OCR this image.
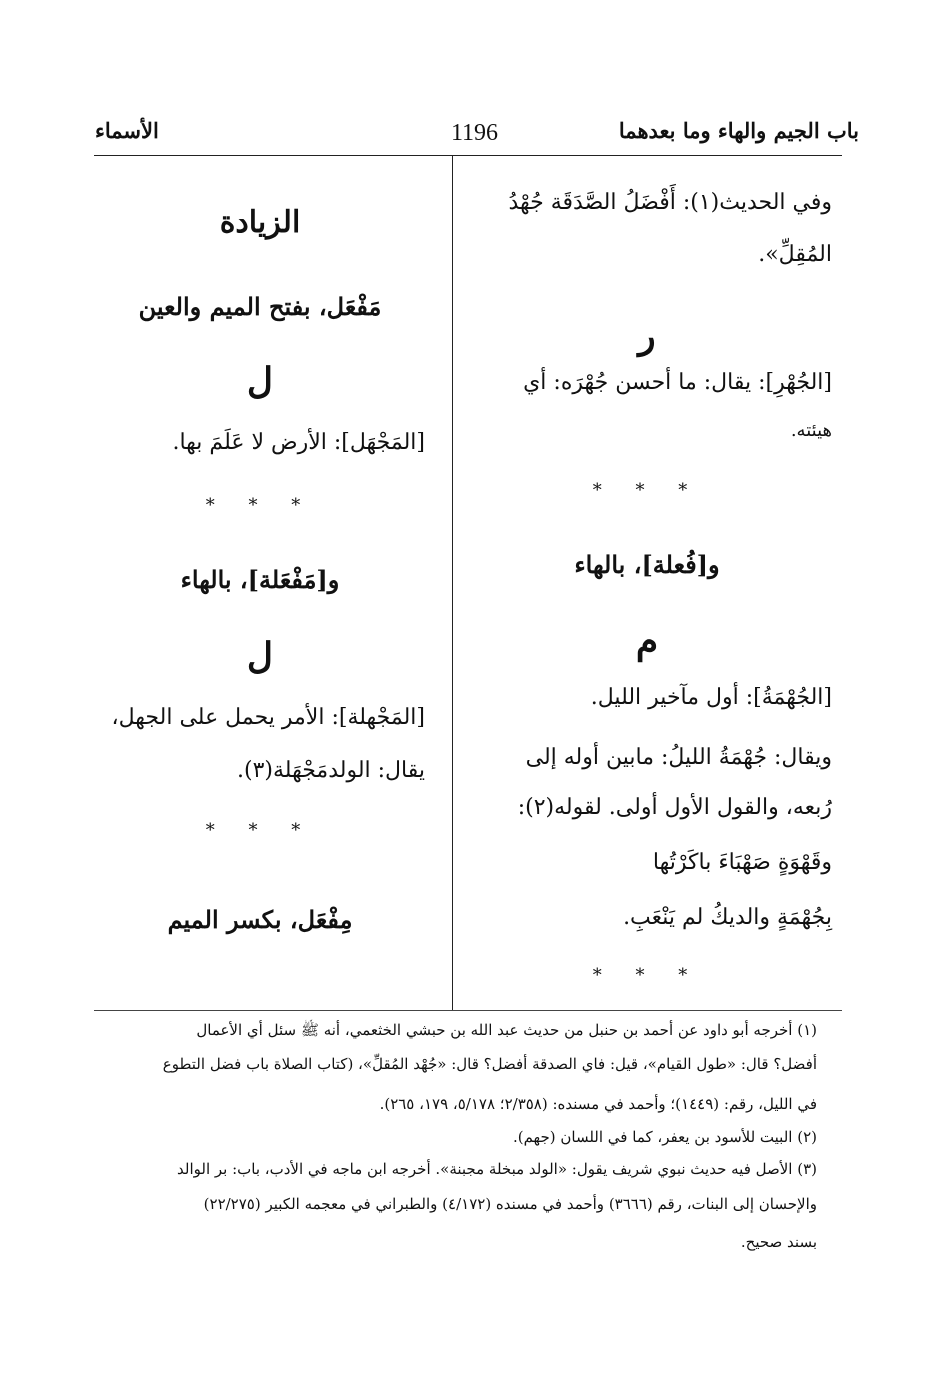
باب الجيم والهاء وما بعدهما
1196
الأسماء
وفي الحديث(١): أَفْضَلُ الصَّدَقَة جُهْدُ
المُقِلِّ».
ر
[الجُهْرِ]: يقال: ما أحسن جُهْرَه: أي
هيئته.
* * *
و[فُعلة]، بالهاء
م
[الجُهْمَةُ]: أول مآخير الليل.
ويقال: جُهْمَةُ الليلُ: مابين أوله إلى
رُبعه، والقول الأول أولى. لقوله(٢):
وقَهْوَةٍ صَهْبَاءَ باكَرْتُها
بِجُهْمَةٍ والديكُ لم يَنْعَبِ.
* * *
الزيادة
مَفْعَل، بفتح الميم والعين
ل
[المَجْهَل]: الأرض لا عَلَمَ بها.
* * *
و[مَفْعَلة]، بالهاء
ل
[المَجْهلة]: الأمر يحمل على الجهل،
يقال: الولدمَجْهَلة(٣).
* * *
مِفْعَل، بكسر الميم
(١) أخرجه أبو داود عن أحمد بن حنبل من حديث عبد الله بن حبشي الخثعمي، أنه ﷺ سئل أي الأعمال
أفضل؟ قال: «طول القيام»، قيل: فاي الصدقة أفضل؟ قال: «جُهْد المُقلِّ»، (كتاب الصلاة باب فضل التطوع
في الليل، رقم: (١٤٤٩)؛ وأحمد في مسنده: (٢/٣٥٨؛ ٥/١٧٨، ١٧٩، ٢٦٥).
(٢) البيت للأسود بن يعفر، كما في اللسان (جهم).
(٣) الأصل فيه حديث نبوي شريف يقول: «الولد مبخلة مجبنة». أخرجه ابن ماجه في الأدب، باب: بر الوالد
والإحسان إلى البنات، رقم (٣٦٦٦) وأحمد في مسنده (٤/١٧٢) والطبراني في معجمه الكبير (٢٢/٢٧٥)
بسند صحيح.
